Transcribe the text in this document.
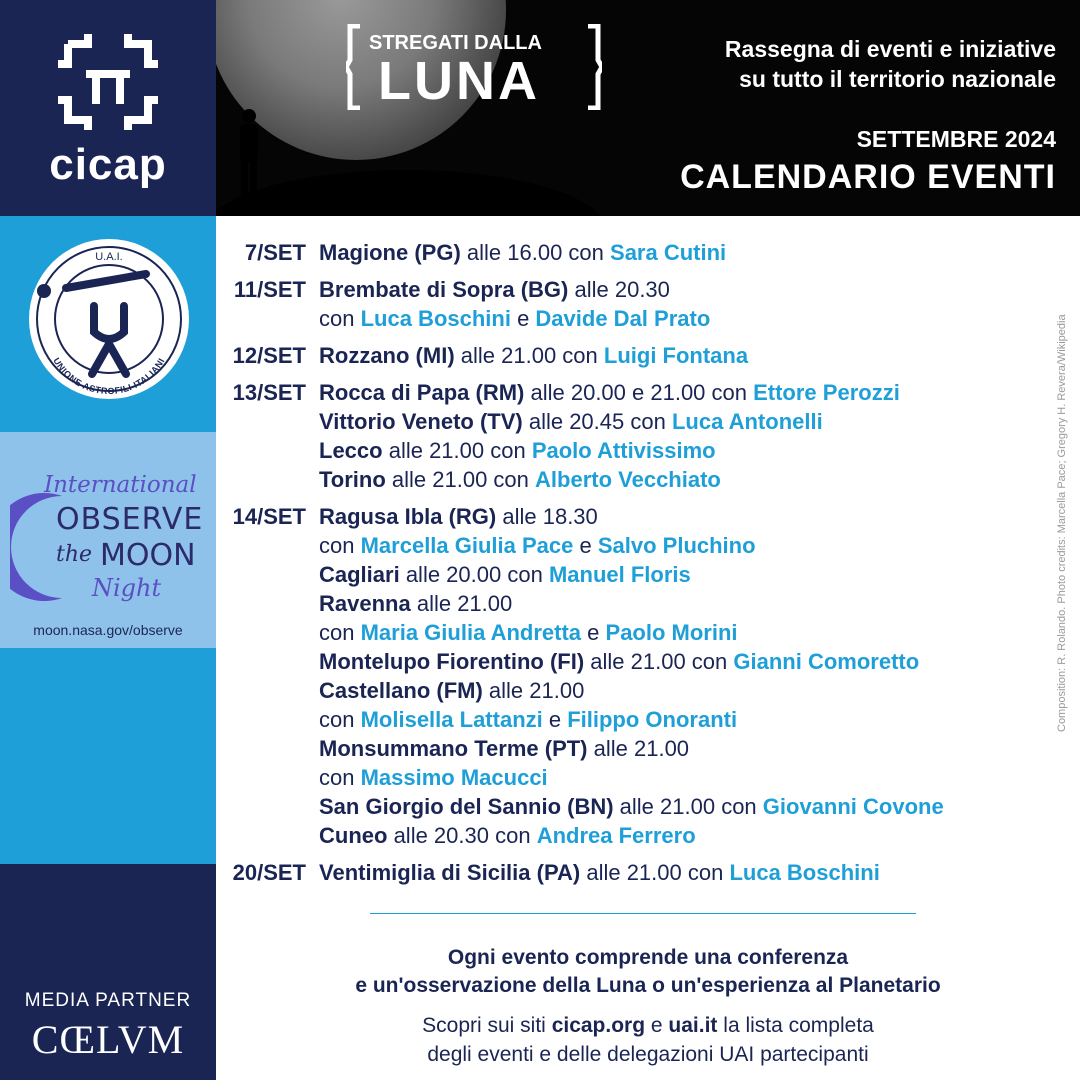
cicap
U.A.I.
UNIONE ASTROFILI ITALIANI
International
OBSERVE
the MOON
Night
moon.nasa.gov/observe
MEDIA PARTNER
CŒLVM
STREGATI DALLA
LUNA
Rassegna di eventi e iniziative
su tutto il territorio nazionale
SETTEMBRE 2024
CALENDARIO EVENTI
7/SET Magione (PG) alle 16.00 con Sara Cutini
11/SET Brembate di Sopra (BG) alle 20.30
con Luca Boschini e Davide Dal Prato
12/SET Rozzano (MI) alle 21.00 con Luigi Fontana
13/SET Rocca di Papa (RM) alle 20.00 e 21.00 con Ettore Perozzi
Vittorio Veneto (TV) alle 20.45 con Luca Antonelli
Lecco alle 21.00 con Paolo Attivissimo
Torino alle 21.00 con Alberto Vecchiato
14/SET Ragusa Ibla (RG) alle 18.30
con Marcella Giulia Pace e Salvo Pluchino
Cagliari alle 20.00 con Manuel Floris
Ravenna alle 21.00
con Maria Giulia Andretta e Paolo Morini
Montelupo Fiorentino (FI) alle 21.00 con Gianni Comoretto
Castellano (FM) alle 21.00
con Molisella Lattanzi e Filippo Onoranti
Monsummano Terme (PT) alle 21.00
con Massimo Macucci
San Giorgio del Sannio (BN) alle 21.00 con Giovanni Covone
Cuneo alle 20.30 con Andrea Ferrero
20/SET Ventimiglia di Sicilia (PA) alle 21.00 con Luca Boschini
Composition: R. Rolando. Photo credits: Marcella Pace; Gregory H. Revera/Wikipedia
Ogni evento comprende una conferenza
e un'osservazione della Luna o un'esperienza al Planetario
Scopri sui siti cicap.org e uai.it la lista completa
degli eventi e delle delegazioni UAI partecipanti
